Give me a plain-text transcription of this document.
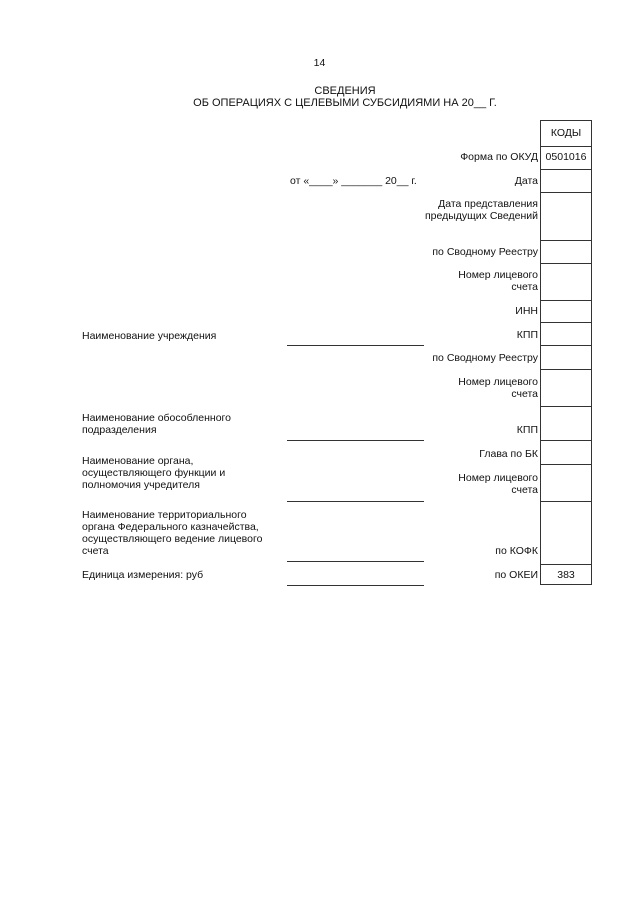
14
СВЕДЕНИЯ
ОБ ОПЕРАЦИЯХ С ЦЕЛЕВЫМИ СУБСИДИЯМИ НА 20__ Г.
КОДЫ
0501016
383
от «____» _______ 20__ г.
Форма по ОКУД
Дата
Дата представления предыдущих Сведений
по Сводному Реестру
Номер лицевого счета
ИНН
КПП
по Сводному Реестру
Номер лицевого счета
КПП
Глава по БК
Номер лицевого счета
по КОФК
по ОКЕИ
Наименование учреждения
Наименование обособленного подразделения
Наименование органа, осуществляющего функции и полномочия учредителя
Наименование территориального органа Федерального казначейства, осуществляющего ведение лицевого счета
Единица измерения: руб
